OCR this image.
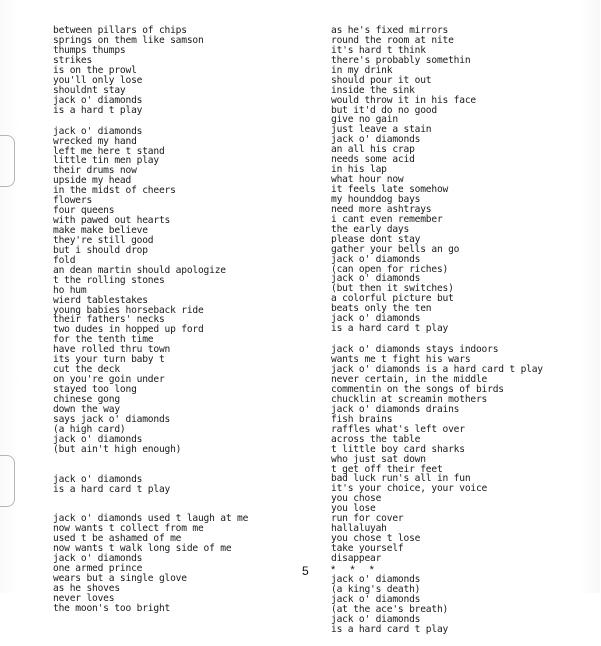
between pillars of chips
springs on them like samson
thumps thumps
strikes
is on the prowl
you'll only lose
shouldnt stay
jack o' diamonds
is a hard t play
jack o' diamonds
wrecked my hand
left me here t stand
little tin men play
their drums now
upside my head
in the midst of cheers
flowers
four queens
with pawed out hearts
make make believe
they're still good
but i should drop
fold
an dean martin should apologize
t the rolling stones
ho hum
wierd tablestakes
young babies horseback ride
their fathers' necks
two dudes in hopped up ford
for the tenth time
have rolled thru town
its your turn baby t
cut the deck
on you're goin under
stayed too long
chinese gong
down the way
says jack o' diamonds
(a high card)
jack o' diamonds
(but ain't high enough)
jack o' diamonds
is a hard card t play
jack o' diamonds used t laugh at me
now wants t collect from me
used t be ashamed of me
now wants t walk long side of me
jack o' diamonds
one armed prince
wears but a single glove
as he shoves
never loves
the moon's too bright
as he's fixed mirrors
round the room at nite
it's hard t think
there's probably somethin
in my drink
should pour it out
inside the sink
would throw it in his face
but it'd do no good
give no gain
just leave a stain
jack o' diamonds
an all his crap
needs some acid
in his lap
what hour now
it feels late somehow
my hounddog bays
need more ashtrays
i cant even remember
the early days
please dont stay
gather your bells an go
jack o' diamonds
(can open for riches)
jack o' diamonds
(but then it switches)
a colorful picture but
beats only the ten
jack o' diamonds
is a hard card t play
jack o' diamonds stays indoors
wants me t fight his wars
jack o' diamonds is a hard card t play
never certain, in the middle
commentin on the songs of birds
chucklin at screamin mothers
jack o' diamonds drains
fish brains
raffles what's left over
across the table
t little boy card sharks
who just sat down
t get off their feet
bad luck run's all in fun
it's your choice, your voice
you chose
you lose
run for cover
hallaluyah
you chose t lose
take yourself
disappear
jack o' diamonds
(a king's death)
jack o' diamonds
(at the ace's breath)
jack o' diamonds
is a hard card t play
5 * * *
